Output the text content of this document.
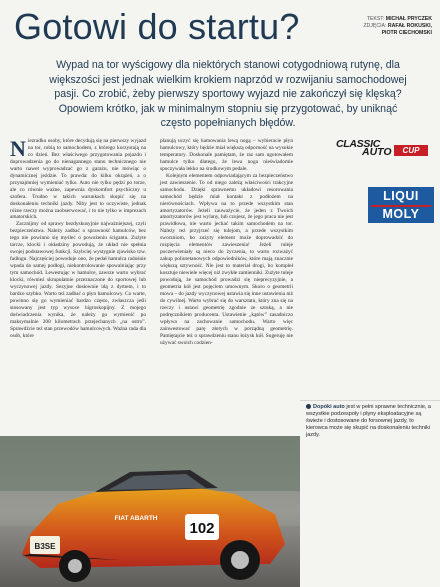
Gotowi do startu?	TEKST: MICHAŁ PRYCZEK
ZDJĘCIA: RAFAŁ ROKUSKI,
PIOTR CIECHOMSKI
Wypad na tor wyścigowy dla niektórych stanowi cotygodniową rutynę, dla większości jest jednak wielkim krokiem naprzód w rozwijaniu samochodowej pasji. Co zrobić, żeby pierwszy sportowy wyjazd nie zakończył się klęską? Opowiem krótko, jak w minimalnym stopniu się przygotować, by uniknąć często popełnianych błędów.

Niezradko osoby, które decydują się na pierwszy wyjazd na tor, robią to samochodem, z którego korzystają na co dzień. Bez właściwego przygotowania pojazdu i doprowadzenia go do nienagannego stanu technicznego nie warto nawet wyprowadzać go z garażu, nie mówiąc o dynamicznej jeździe. To prawda: do kilku okrążeń, a o przynajmniej wymieniać tylko. Auto nie tylko pędzi po torze, ale co równie ważne, zapewnia dyskomfort psychiczny u szofera. Trudno w takich warunkach skupić się na doskonaleniu techniki jazdy. Niby jest to oczywiste, jednak różne rzeczy można zaobserwować, i to nie tylko w imprezach amatorskich.

Zacznijmy od sprawy bezdyskusyjnie najważniejszej, czyli bezpieczeństwa. Należy zadbać o sprawność hamulców, bez tego nie powinno się myśleć o powożeniu ścigantu. Zużyte tarcze, klocki i okładziny powodują, że układ nie spełnia swojej podstawowej funkcji. Szybciej wystygnie zjawisko tzw. fadingu. Najczęściej powoduje ono, że pedał hamulca radośnie wpada do samej podłogi, niekontrolowanie spowalniając przy tym samochód. Lewestując w hamulce, zawsze warto wybrać klocki, również skrupulatnie przeznaczone do sportowej lub wyczynowej jazdy. Sezyjne dosłownie idą z dymem, i to bardzo szybko. Warto też zadbać o płyn hamulcowy. Co warte, powinno się go wymieniać bardzo często, zwłaszcza jeśli stosowany jest typ wysoce higroskopijny. Z mojego doświadczenia wynika, że należy go wymienić po maksymalnie 200 kilometrach przejechanych „na ostro”. Sprawdźcie też stan przewodów hamulcowych. Ważna rada dla osób, które

planują uczyć się hamowania lewą nogą – wybieracie płyn hamulcowy, który będzie miał większą odporność na wysokie temperatury. Doskonale pamiętam, że raz sam ugotowałem hamulce tylko dlatego, że lewa noga nieświadomie spoczywała lekko na środkowym pedale.

Kolejnym elementem odpowiadającym za bezpieczeństwo jest zawieszenie. To od niego zależą właściwości trakcyjne samochodu. Dzięki sprawnemu układowi resorowania samochód będzie miał kontakt z podłożem na nierównościach. Wpływa na to przede wszystkim stan amortyzatorów. Jeżeli zauważycie, że jeden z Twoich amortyzatorów jest wylany, lub czujesz, że jego praca nie jest prawidłowa, nie warto jechać takim samochodem na tor. Należy też przyjrzeć się tulejom, a przede wszystkim sworzniom, bo zużyty element może doprowadzić do rozpięcia elementów zawieszenia! Jeżeli tuleje poczerwieniały są nieco do życzenia, to warto rozważyć zakup poliuretanowych odpowiedników, które mają znacznie większą sztywność. Nie jest to materiał drogi, bo kompleł kosztuje niewiele więcej niż zwykłe zamienniki. Zużyte tuleje powodują, że samochód prowadzi się nieprecyzyjnie, a geometria kół jest pojęciem umownym. Skoro o geometrii mowa – do jazdy wyczynowej ustawia się inne ustawienia niż do cywilnej. Warto wybrać się do warsztatu, który zna się na rzeczy i ustawi geometrię zgodnie ze sztuką, a nie podręcznikiem producenta. Ustawienie „kątów” zasadniczo wpływa na zachowanie samochodu. Warto więc zainwestować parę złotych w porządną geometrię. Pamiętajcie też o sprawdzeniu stanu łożysk kół. Sugeruję nie używać swoich codzien-

CLASSIC
AUTO	CUP
LIQUI
MOLY
Dopóki auto jest w pełni sprawne technicznie, a wszystkie podzespoły i płyny eksploatacyjne są świeże i dostosowane do forsownej jazdy, to kierowca może się skupić na doskonaleniu techniki jazdy.
B3SE
102
FIAT ABARTH
